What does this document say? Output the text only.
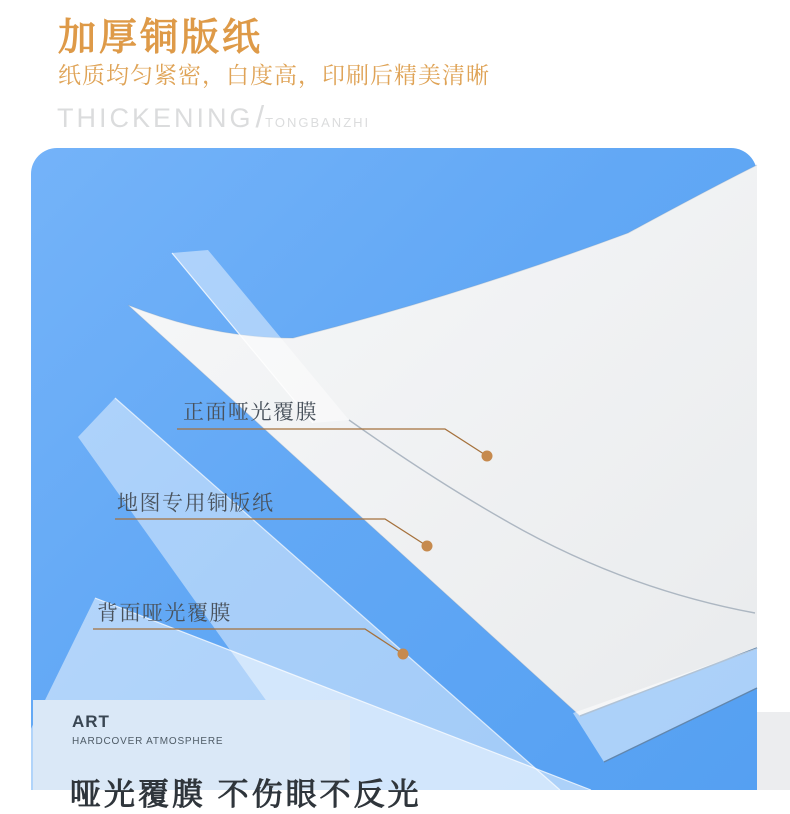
加厚铜版纸
纸质均匀紧密，白度高，印刷后精美清晰
THICKENING / TONGBANZHI
正面哑光覆膜
地图专用铜版纸
背面哑光覆膜
ART
HARDCOVER ATMOSPHERE
哑光覆膜 不伤眼不反光
